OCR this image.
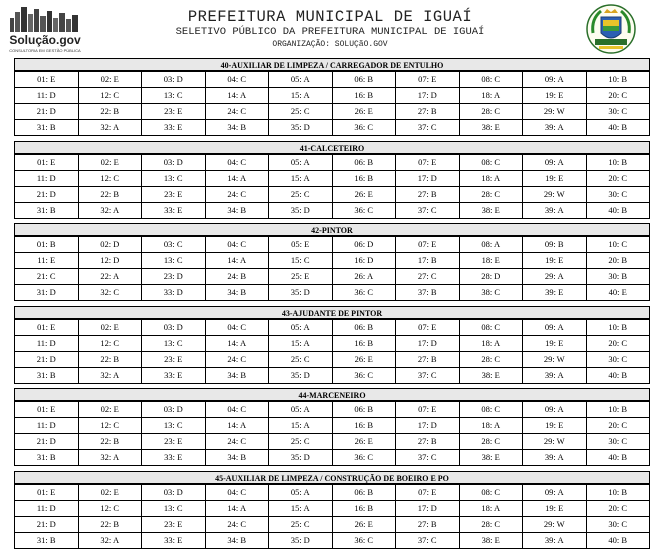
Solução.gov
CONSULTORIA EM GESTÃO PÚBLICA
PREFEITURA MUNICIPAL DE IGUAÍ
SELETIVO PÚBLICO DA PREFEITURA MUNICIPAL DE IGUAÍ
ORGANIZAÇÃO: SOLUÇãO.GOV
40-AUXILIAR DE LIMPEZA / CARREGADOR DE ENTULHO
01: E	02: E	03: D	04: C	05: A	06: B	07: E	08: C	09: A	10: B
11: D	12: C	13: C	14: A	15: A	16: B	17: D	18: A	19: E	20: C
21: D	22: B	23: E	24: C	25: C	26: E	27: B	28: C	29: W	30: C
31: B	32: A	33: E	34: B	35: D	36: C	37: C	38: E	39: A	40: B
41-CALCETEIRO
01: E	02: E	03: D	04: C	05: A	06: B	07: E	08: C	09: A	10: B
11: D	12: C	13: C	14: A	15: A	16: B	17: D	18: A	19: E	20: C
21: D	22: B	23: E	24: C	25: C	26: E	27: B	28: C	29: W	30: C
31: B	32: A	33: E	34: B	35: D	36: C	37: C	38: E	39: A	40: B
42-PINTOR
01: B	02: D	03: C	04: C	05: E	06: D	07: E	08: A	09: B	10: C
11: E	12: D	13: C	14: A	15: C	16: D	17: B	18: E	19: E	20: B
21: C	22: A	23: D	24: B	25: E	26: A	27: C	28: D	29: A	30: B
31: D	32: C	33: D	34: B	35: D	36: C	37: B	38: C	39: E	40: E
43-AJUDANTE DE PINTOR
01: E	02: E	03: D	04: C	05: A	06: B	07: E	08: C	09: A	10: B
11: D	12: C	13: C	14: A	15: A	16: B	17: D	18: A	19: E	20: C
21: D	22: B	23: E	24: C	25: C	26: E	27: B	28: C	29: W	30: C
31: B	32: A	33: E	34: B	35: D	36: C	37: C	38: E	39: A	40: B
44-MARCENEIRO
01: E	02: E	03: D	04: C	05: A	06: B	07: E	08: C	09: A	10: B
11: D	12: C	13: C	14: A	15: A	16: B	17: D	18: A	19: E	20: C
21: D	22: B	23: E	24: C	25: C	26: E	27: B	28: C	29: W	30: C
31: B	32: A	33: E	34: B	35: D	36: C	37: C	38: E	39: A	40: B
45-AUXILIAR DE LIMPEZA / CONSTRUÇÃO DE BOEIRO E PO
01: E	02: E	03: D	04: C	05: A	06: B	07: E	08: C	09: A	10: B
11: D	12: C	13: C	14: A	15: A	16: B	17: D	18: A	19: E	20: C
21: D	22: B	23: E	24: C	25: C	26: E	27: B	28: C	29: W	30: C
31: B	32: A	33: E	34: B	35: D	36: C	37: C	38: E	39: A	40: B
